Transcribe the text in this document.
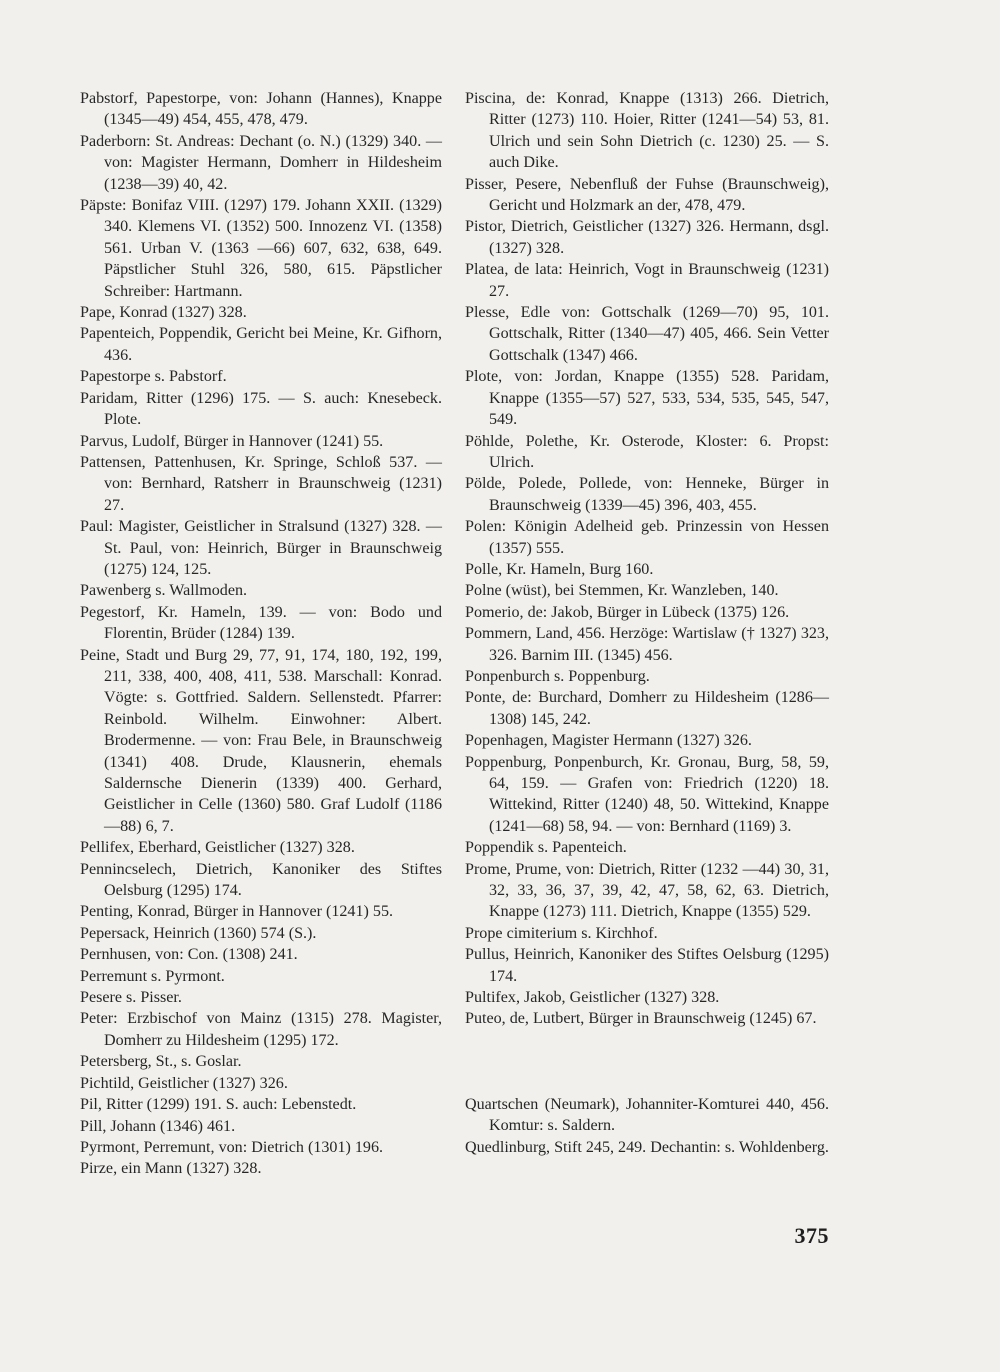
Pabstorf, Papestorpe, von: Johann (Hannes), Knappe (1345—49) 454, 455, 478, 479.

Paderborn: St. Andreas: Dechant (o. N.) (1329) 340. — von: Magister Hermann, Domherr in Hildesheim (1238—39) 40, 42.

Päpste: Bonifaz VIII. (1297) 179. Johann XXII. (1329) 340. Klemens VI. (1352) 500. Innozenz VI. (1358) 561. Urban V. (1363 —66) 607, 632, 638, 649. Päpstlicher Stuhl 326, 580, 615. Päpstlicher Schreiber: Hartmann.

Pape, Konrad (1327) 328.

Papenteich, Poppendik, Gericht bei Meine, Kr. Gifhorn, 436.

Papestorpe s. Pabstorf.

Paridam, Ritter (1296) 175. — S. auch: Knesebeck. Plote.

Parvus, Ludolf, Bürger in Hannover (1241) 55.

Pattensen, Pattenhusen, Kr. Springe, Schloß 537. — von: Bernhard, Ratsherr in Braunschweig (1231) 27.

Paul: Magister, Geistlicher in Stralsund (1327) 328. — St. Paul, von: Heinrich, Bürger in Braunschweig (1275) 124, 125.

Pawenberg s. Wallmoden.

Pegestorf, Kr. Hameln, 139. — von: Bodo und Florentin, Brüder (1284) 139.

Peine, Stadt und Burg 29, 77, 91, 174, 180, 192, 199, 211, 338, 400, 408, 411, 538. Marschall: Konrad. Vögte: s. Gottfried. Saldern. Sellenstedt. Pfarrer: Reinbold. Wilhelm. Einwohner: Albert. Brodermenne. — von: Frau Bele, in Braunschweig (1341) 408. Drude, Klausnerin, ehemals Saldernsche Dienerin (1339) 400. Gerhard, Geistlicher in Celle (1360) 580. Graf Ludolf (1186—88) 6, 7.

Pellifex, Eberhard, Geistlicher (1327) 328.

Pennincselech, Dietrich, Kanoniker des Stiftes Oelsburg (1295) 174.

Penting, Konrad, Bürger in Hannover (1241) 55.

Pepersack, Heinrich (1360) 574 (S.).

Pernhusen, von: Con. (1308) 241.

Perremunt s. Pyrmont.

Pesere s. Pisser.

Peter: Erzbischof von Mainz (1315) 278. Magister, Domherr zu Hildesheim (1295) 172.

Petersberg, St., s. Goslar.

Pichtild, Geistlicher (1327) 326.

Pil, Ritter (1299) 191. S. auch: Lebenstedt.

Pill, Johann (1346) 461.

Pyrmont, Perremunt, von: Dietrich (1301) 196.

Pirze, ein Mann (1327) 328.

Piscina, de: Konrad, Knappe (1313) 266. Dietrich, Ritter (1273) 110. Hoier, Ritter (1241—54) 53, 81. Ulrich und sein Sohn Dietrich (c. 1230) 25. — S. auch Dike.

Pisser, Pesere, Nebenfluß der Fuhse (Braunschweig), Gericht und Holzmark an der, 478, 479.

Pistor, Dietrich, Geistlicher (1327) 326. Hermann, dsgl. (1327) 328.

Platea, de lata: Heinrich, Vogt in Braunschweig (1231) 27.

Plesse, Edle von: Gottschalk (1269—70) 95, 101. Gottschalk, Ritter (1340—47) 405, 466. Sein Vetter Gottschalk (1347) 466.

Plote, von: Jordan, Knappe (1355) 528. Paridam, Knappe (1355—57) 527, 533, 534, 535, 545, 547, 549.

Pöhlde, Polethe, Kr. Osterode, Kloster: 6. Propst: Ulrich.

Pölde, Polede, Pollede, von: Henneke, Bürger in Braunschweig (1339—45) 396, 403, 455.

Polen: Königin Adelheid geb. Prinzessin von Hessen (1357) 555.

Polle, Kr. Hameln, Burg 160.

Polne (wüst), bei Stemmen, Kr. Wanzleben, 140.

Pomerio, de: Jakob, Bürger in Lübeck (1375) 126.

Pommern, Land, 456. Herzöge: Wartislaw († 1327) 323, 326. Barnim III. (1345) 456.

Ponpenburch s. Poppenburg.

Ponte, de: Burchard, Domherr zu Hildesheim (1286—1308) 145, 242.

Popenhagen, Magister Hermann (1327) 326.

Poppenburg, Ponpenburch, Kr. Gronau, Burg, 58, 59, 64, 159. — Grafen von: Friedrich (1220) 18. Wittekind, Ritter (1240) 48, 50. Wittekind, Knappe (1241—68) 58, 94. — von: Bernhard (1169) 3.

Poppendik s. Papenteich.

Prome, Prume, von: Dietrich, Ritter (1232 —44) 30, 31, 32, 33, 36, 37, 39, 42, 47, 58, 62, 63. Dietrich, Knappe (1273) 111. Dietrich, Knappe (1355) 529.

Prope cimiterium s. Kirchhof.

Pullus, Heinrich, Kanoniker des Stiftes Oelsburg (1295) 174.

Pultifex, Jakob, Geistlicher (1327) 328.

Puteo, de, Lutbert, Bürger in Braunschweig (1245) 67.

Quartschen (Neumark), Johanniter-Komturei 440, 456. Komtur: s. Saldern.

Quedlinburg, Stift 245, 249. Dechantin: s. Wohldenberg.

375
